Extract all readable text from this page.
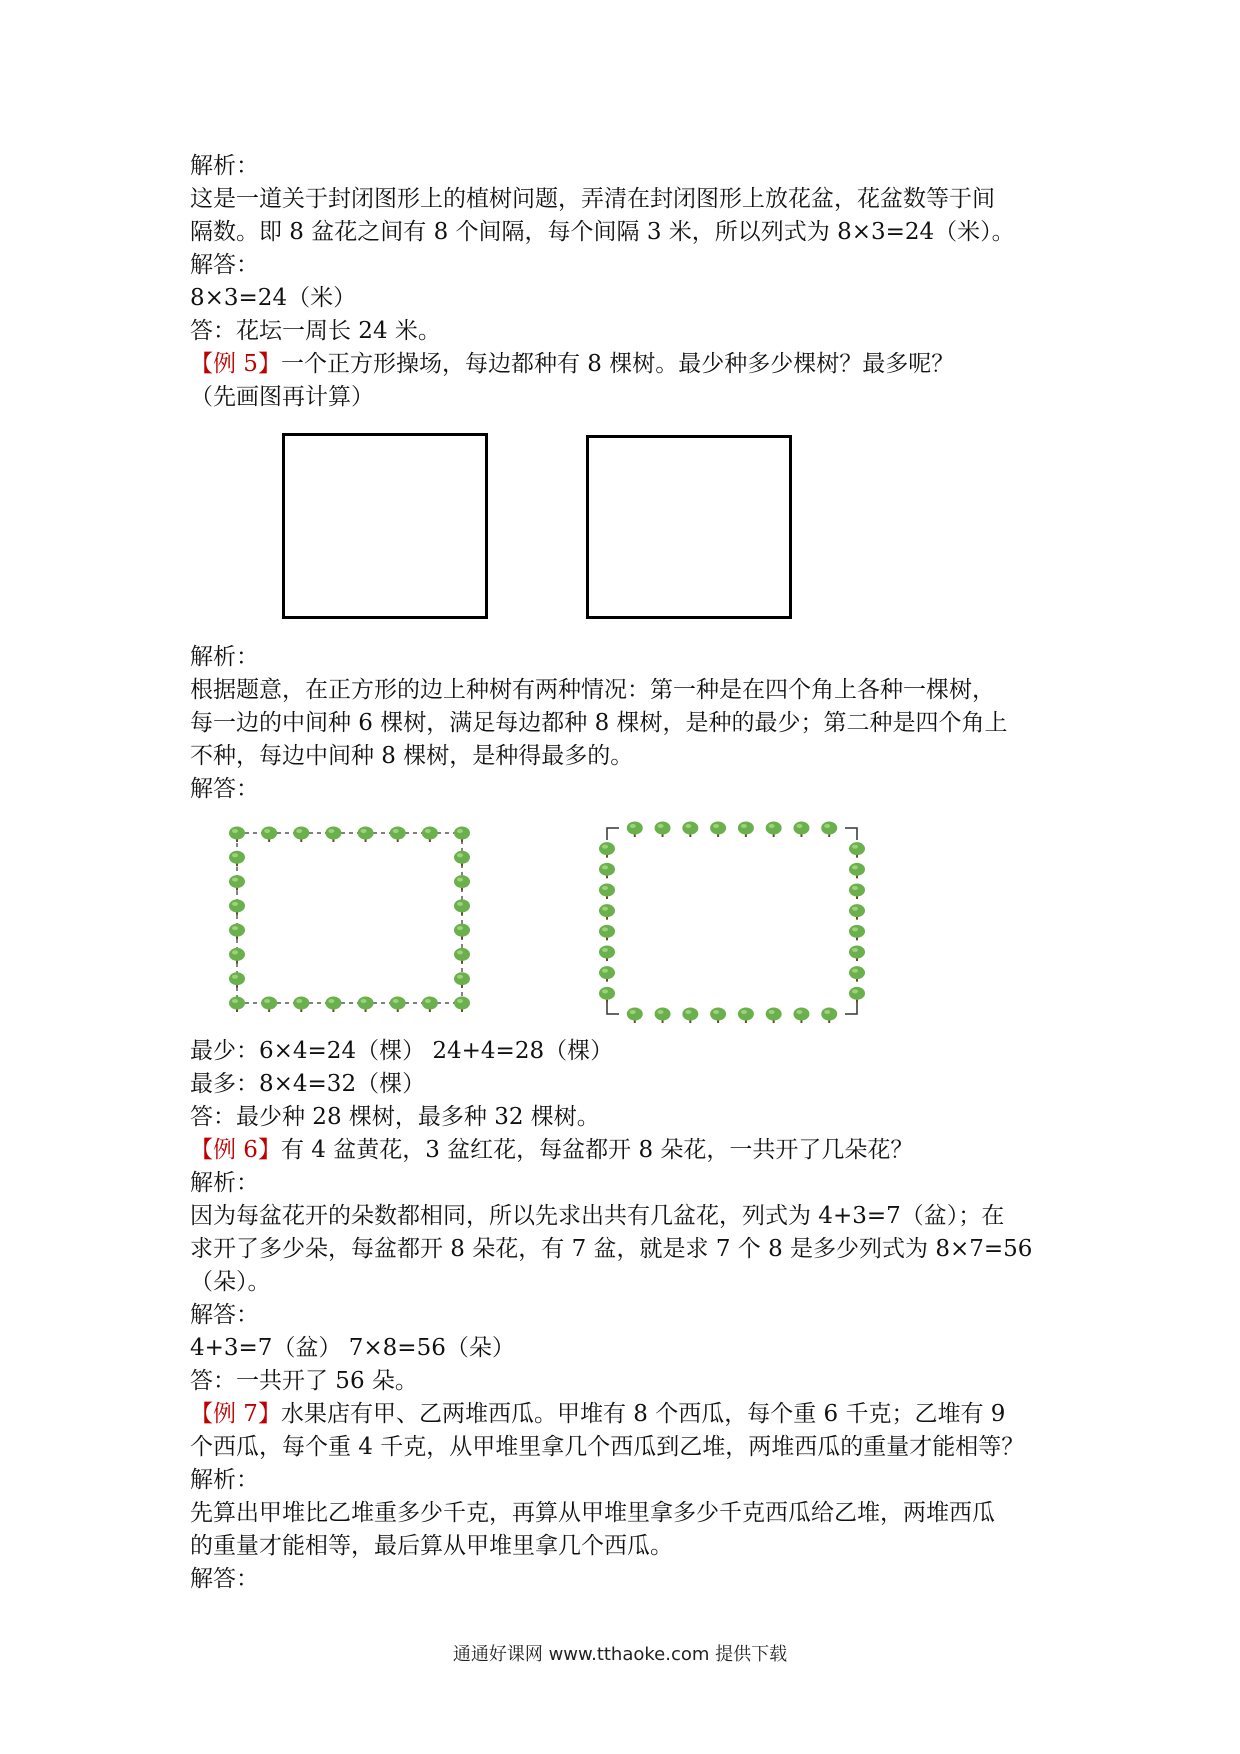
解析：
这是一道关于封闭图形上的植树问题，弄清在封闭图形上放花盆，花盆数等于间
隔数。即 8 盆花之间有 8 个间隔，每个间隔 3 米，所以列式为 8×3=24（米）。
解答：
8×3=24（米）
答：花坛一周长 24 米。
【例 5】一个正方形操场，每边都种有 8 棵树。最少种多少棵树？最多呢？
（先画图再计算）
解析：
根据题意，在正方形的边上种树有两种情况：第一种是在四个角上各种一棵树，
每一边的中间种 6 棵树，满足每边都种 8 棵树，是种的最少；第二种是四个角上
不种，每边中间种 8 棵树，是种得最多的。
解答：
最少：6×4=24（棵） 24+4=28（棵）
最多：8×4=32（棵）
答：最少种 28 棵树，最多种 32 棵树。
【例 6】有 4 盆黄花，3 盆红花，每盆都开 8 朵花，一共开了几朵花？
解析：
因为每盆花开的朵数都相同，所以先求出共有几盆花，列式为 4+3=7（盆）；在
求开了多少朵，每盆都开 8 朵花，有 7 盆，就是求 7 个 8 是多少列式为 8×7=56
（朵）。
解答：
4+3=7（盆） 7×8=56（朵）
答：一共开了 56 朵。
【例 7】水果店有甲、乙两堆西瓜。甲堆有 8 个西瓜，每个重 6 千克；乙堆有 9
个西瓜，每个重 4 千克，从甲堆里拿几个西瓜到乙堆，两堆西瓜的重量才能相等？
解析：
先算出甲堆比乙堆重多少千克，再算从甲堆里拿多少千克西瓜给乙堆，两堆西瓜
的重量才能相等，最后算从甲堆里拿几个西瓜。
解答：
通通好课网 www.tthaoke.com 提供下载
